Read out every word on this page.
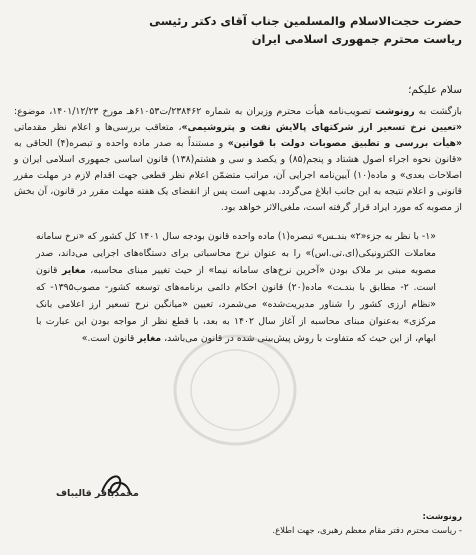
حضرت حجت‌الاسلام والمسلمین جناب آقای دکتر رئیسی
ریاست محترم جمهوری اسلامی ایران
سلام علیکم؛

بازگشت به رونوشت تصویب‌نامه هیأت محترم وزیران به شماره ۲۳۸۴۶۲/ت۶۱۰۵۳هـ مورخ ۱۴۰۱/۱۲/۲۳، موضوع: «تعیین نرخ تسعیر ارز شرکتهای پالایش نفت و پتروشیمی»، متعاقب بررسی‌ها و اعلام نظر مقدماتی «هیأت بررسی و تطبیق مصوبات دولت با قوانین» و مستنداً به صدر ماده واحده و تبصره(۴) الحاقی به «قانون نحوه اجراء اصول هشتاد و پنجم(۸۵) و یکصد و سی و هشتم(۱۳۸) قانون اساسی جمهوری اسلامی ایران و اصلاحات بعدی» و ماده(۱۰) آیین‌نامه اجرایی آن، مراتب متضمّن اعلام نظر قطعی جهت اقدام لازم در مهلت مقرر قانونی و اعلام نتیجه به این جانب ابلاغ می‌گردد. بدیهی است پس از انقضای یک هفته مهلت مقرر در قانون، آن بخش از مصوبه که مورد ایراد قرار گرفته است، ملغی‌الاثر خواهد بود.

«۱- با نظر به جزء«۲» بندـس» تبصره(۱) ماده واحده قانون بودجه سال ۱۴۰۱ کل کشور که «نرخ سامانه معاملات الکترونیکی(ای.تی.اس)» را به عنوان نرخ محاسباتی برای دستگاه‌های اجرایی می‌داند، صدر مصوبه مبنی بر ملاک بودن «آخرین نرخ‌های سامانه نیما» از حیث تغییر مبنای محاسبه، مغایر قانون است. ۲- مطابق با بندـت» ماده(۲۰) قانون احکام دائمی برنامه‌های توسعه کشور- مصوب۱۳۹۵- که «نظام ارزی کشور را شناور مدیریت‌شده» می‌شمرد، تعیین «میانگین نرخ تسعیر ارز اعلامی بانک مرکزی» به‌عنوان مبنای محاسبه از آغاز سال ۱۴۰۲ به بعد، با قطع نظر از مواجه بودن این عبارت با ابهام، از این حیث که متفاوت با روش پیش‌بینی شده در قانون می‌باشد، مغایر قانون است.»
محمدباقر قالیباف
رونوشت:
- ریاست محترم دفتر مقام معظم رهبری، جهت اطلاع.
